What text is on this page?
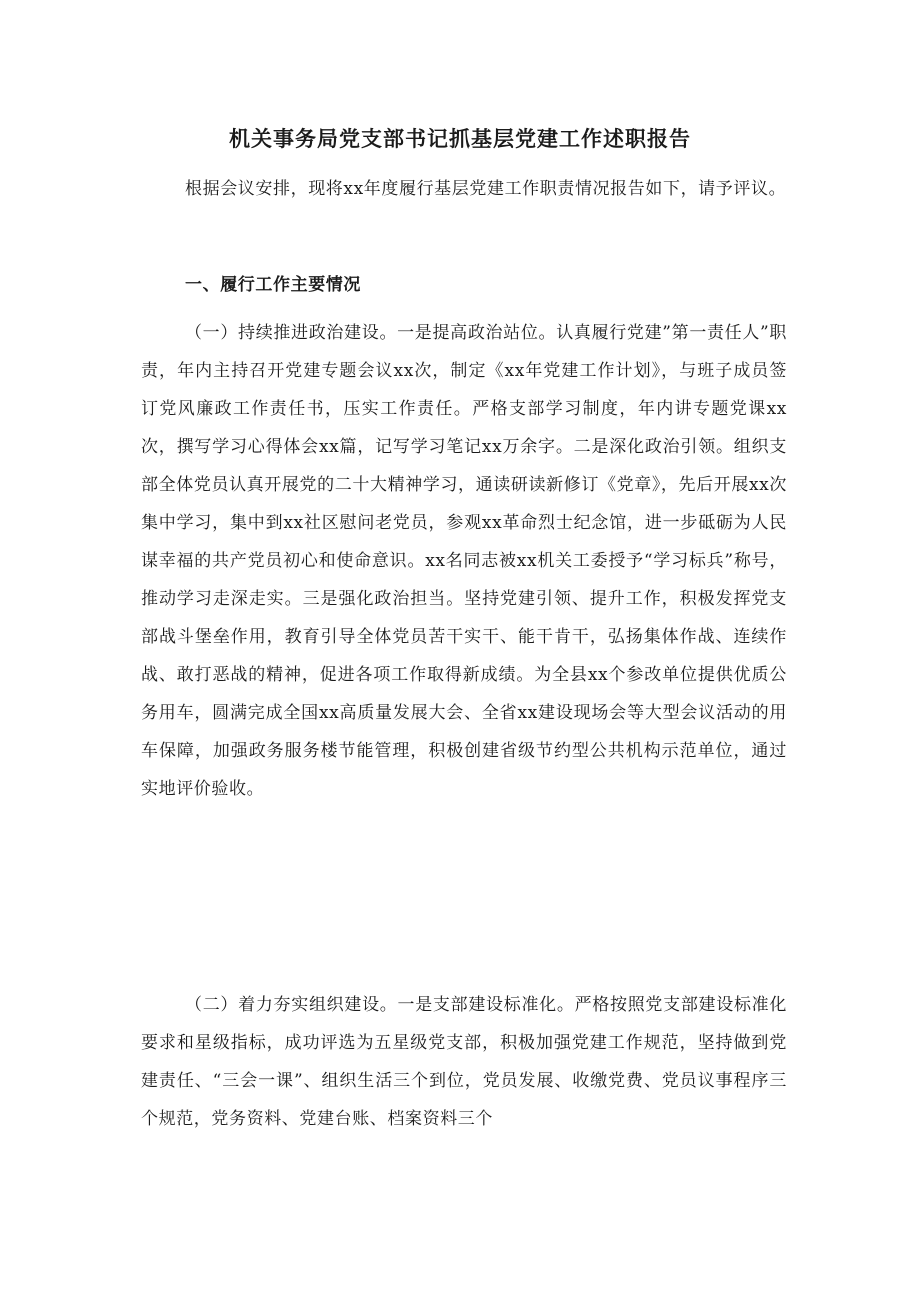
机关事务局党支部书记抓基层党建工作述职报告

根据会议安排，现将xx年度履行基层党建工作职责情况报告如下，请予评议。

一、履行工作主要情况

（一）持续推进政治建设。一是提高政治站位。认真履行党建”第一责任人”职责，年内主持召开党建专题会议xx次，制定《xx年党建工作计划》，与班子成员签订党风廉政工作责任书，压实工作责任。严格支部学习制度，年内讲专题党课xx次，撰写学习心得体会xx篇，记写学习笔记xx万余字。二是深化政治引领。组织支部全体党员认真开展党的二十大精神学习，通读研读新修订《党章》，先后开展xx次集中学习，集中到xx社区慰问老党员，参观xx革命烈士纪念馆，进一步砥砺为人民谋幸福的共产党员初心和使命意识。xx名同志被xx机关工委授予“学习标兵”称号，推动学习走深走实。三是强化政治担当。坚持党建引领、提升工作，积极发挥党支部战斗堡垒作用，教育引导全体党员苦干实干、能干肯干，弘扬集体作战、连续作战、敢打恶战的精神，促进各项工作取得新成绩。为全县xx个参改单位提供优质公务用车，圆满完成全国xx高质量发展大会、全省xx建设现场会等大型会议活动的用车保障，加强政务服务楼节能管理，积极创建省级节约型公共机构示范单位，通过实地评价验收。

（二）着力夯实组织建设。一是支部建设标准化。严格按照党支部建设标准化要求和星级指标，成功评选为五星级党支部，积极加强党建工作规范，坚持做到党建责任、“三会一课”、组织生活三个到位，党员发展、收缴党费、党员议事程序三个规范，党务资料、党建台账、档案资料三个
